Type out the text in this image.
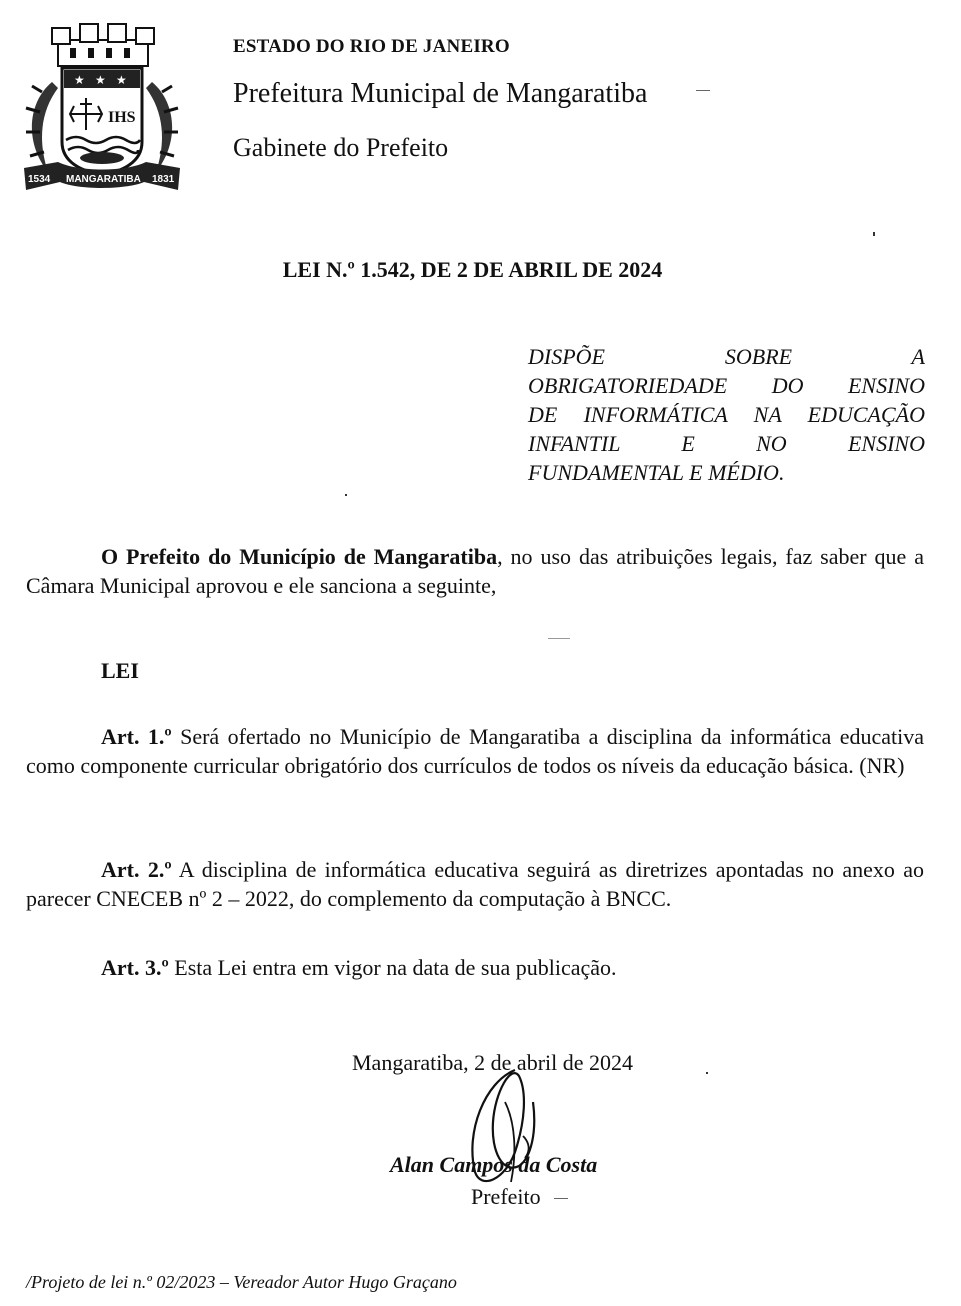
★ ★ ★
IHS
1534	1831
MANGARATIBA
ESTADO DO RIO DE JANEIRO
Prefeitura Municipal de Mangaratiba
Gabinete do Prefeito
LEI N.º 1.542, DE 2 DE ABRIL DE 2024
DISPÕE SOBRE A
OBRIGATORIEDADE DO ENSINO
DE INFORMÁTICA NA EDUCAÇÃO
INFANTIL E NO ENSINO
FUNDAMENTAL E MÉDIO.
O Prefeito do Município de Mangaratiba, no uso das atribuições legais, faz saber que a Câmara Municipal aprovou e ele sanciona a seguinte,
LEI
Art. 1.º Será ofertado no Município de Mangaratiba a disciplina da informática educativa como componente curricular obrigatório dos currículos de todos os níveis da educação básica. (NR)
Art. 2.º A disciplina de informática educativa seguirá as diretrizes apontadas no anexo ao parecer CNECEB nº 2 – 2022, do complemento da computação à BNCC.
Art. 3.º Esta Lei entra em vigor na data de sua publicação.
Mangaratiba, 2 de abril de 2024
Alan Campos da Costa
Prefeito
/Projeto de lei n.º 02/2023 – Vereador Autor Hugo Graçano
